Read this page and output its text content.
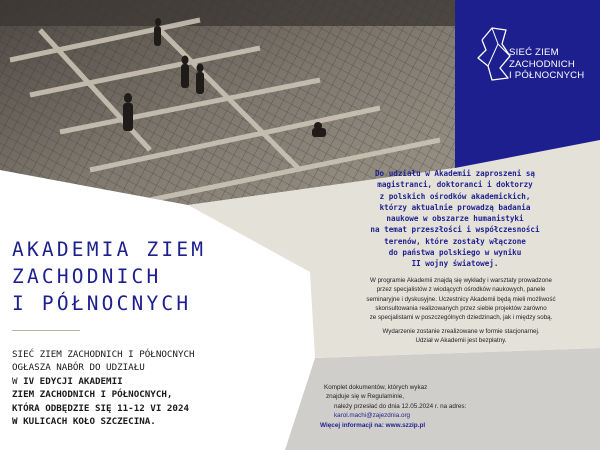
SIEĆ ZIEM
ZACHODNICH
I PÓŁNOCNYCH
AKADEMIA ZIEM
ZACHODNICH
I PÓŁNOCNYCH
SIEĆ ZIEM ZACHODNICH I PÓŁNOCNYCH
OGŁASZA NABÓR DO UDZIAŁU
W IV EDYCJI AKADEMII
ZIEM ZACHODNICH I PÓŁNOCNYCH,
KTÓRA ODBĘDZIE SIĘ 11-12 VI 2024
W KULICACH KOŁO SZCZECINA.
Do udziału w Akademii zaproszeni są
magistranci, doktoranci i doktorzy
z polskich ośrodków akademickich,
którzy aktualnie prowadzą badania
naukowe w obszarze humanistyki
na temat przeszłości i współczesności
terenów, które zostały włączone
do państwa polskiego w wyniku
II wojny światowej.
W programie Akademii znajdą się wykłady i warsztaty prowadzone
przez specjalistów z wiodących ośrodków naukowych, panele
seminaryjne i dyskusyjne. Uczestnicy Akademii będą mieli możliwość
skonsultowania realizowanych przez siebie projektów zarówno
ze specjalistami w poszczególnych dziedzinach, jak i między sobą.
Wydarzenie zostanie zrealizowane w formie stacjonarnej.
Udział w Akademii jest bezpłatny.
Komplet dokumentów, których wykaz
znajduje się w Regulaminie,
należy przesłać do dnia 12.05.2024 r. na adres:
karol.machi@zajezdnia.org
Więcej informacji na: www.szzip.pl
